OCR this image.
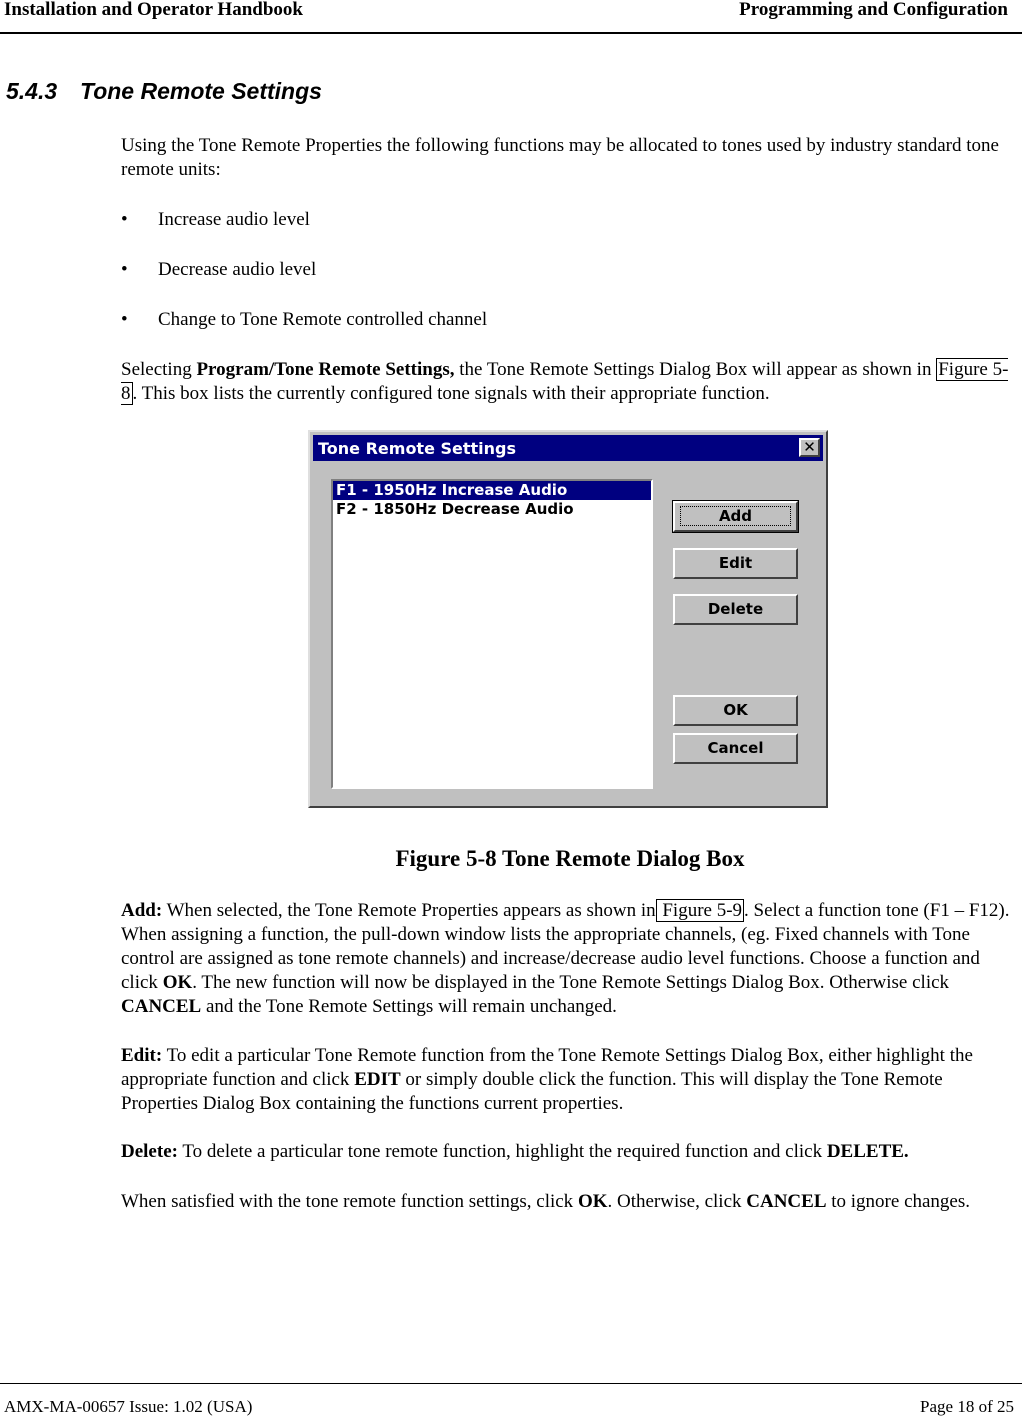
Installation and Operator Handbook	Programming and Configuration
5.4.3 Tone Remote Settings
Using the Tone Remote Properties the following functions may be allocated to tones used by industry standard tone remote units:
• Increase audio level
• Decrease audio level
• Change to Tone Remote controlled channel
Selecting Program/Tone Remote Settings, the Tone Remote Settings Dialog Box will appear as shown in Figure 5-8 . This box lists the currently configured tone signals with their appropriate function.
Tone Remote Settings	✕
F1 - 1950Hz Increase Audio
F2 - 1850Hz Decrease Audio	Add
Edit
Delete
OK
Cancel
Figure 5-8 Tone Remote Dialog Box
Add: When selected, the Tone Remote Properties appears as shown in Figure 5-9 . Select a function tone (F1 – F12). When assigning a function, the pull-down window lists the appropriate channels, (eg. Fixed channels with Tone control are assigned as tone remote channels) and increase/decrease audio level functions. Choose a function and click OK. The new function will now be displayed in the Tone Remote Settings Dialog Box. Otherwise click CANCEL and the Tone Remote Settings will remain unchanged.
Edit: To edit a particular Tone Remote function from the Tone Remote Settings Dialog Box, either highlight the appropriate function and click EDIT or simply double click the function. This will display the Tone Remote Properties Dialog Box containing the functions current properties.
Delete: To delete a particular tone remote function, highlight the required function and click DELETE.
When satisfied with the tone remote function settings, click OK. Otherwise, click CANCEL to ignore changes.
AMX-MA-00657 Issue: 1.02 (USA)	Page 18 of 25
